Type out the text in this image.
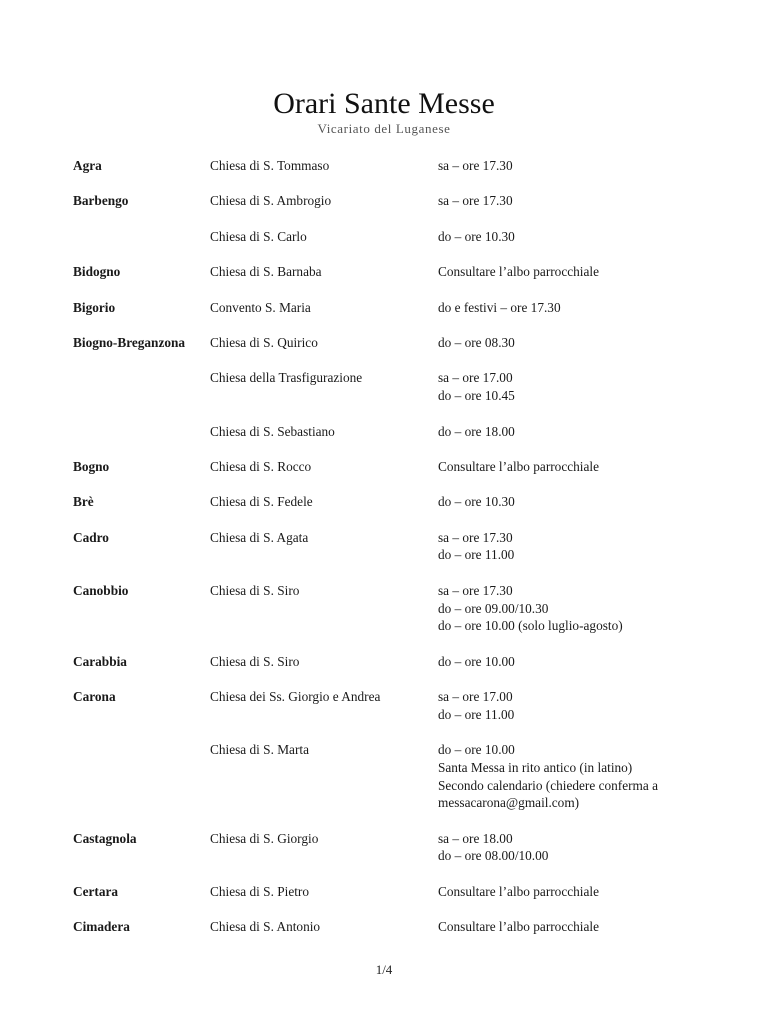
Orari Sante Messe
Vicariato del Luganese
Agra	Chiesa di S. Tommaso	sa – ore 17.30
Barbengo	Chiesa di S. Ambrogio	sa – ore 17.30
Chiesa di S. Carlo	do – ore 10.30
Bidogno	Chiesa di S. Barnaba	Consultare l’albo parrocchiale
Bigorio	Convento S. Maria	do e festivi – ore 17.30
Biogno-Breganzona	Chiesa di S. Quirico	do – ore 08.30
Chiesa della Trasfigurazione	sa – ore 17.00
do – ore 10.45
Chiesa di S. Sebastiano	do – ore 18.00
Bogno	Chiesa di S. Rocco	Consultare l’albo parrocchiale
Brè	Chiesa di S. Fedele	do – ore 10.30
Cadro	Chiesa di S. Agata	sa – ore 17.30
do – ore 11.00
Canobbio	Chiesa di S. Siro	sa – ore 17.30
do – ore 09.00/10.30
do – ore 10.00 (solo luglio-agosto)
Carabbia	Chiesa di S. Siro	do – ore 10.00
Carona	Chiesa dei Ss. Giorgio e Andrea	sa – ore 17.00
do – ore 11.00
Chiesa di S. Marta	do – ore 10.00
Santa Messa in rito antico (in latino)
Secondo calendario (chiedere conferma a
messacarona@gmail.com)
Castagnola	Chiesa di S. Giorgio	sa – ore 18.00
do – ore 08.00/10.00
Certara	Chiesa di S. Pietro	Consultare l’albo parrocchiale
Cimadera	Chiesa di S. Antonio	Consultare l’albo parrocchiale
1/4
